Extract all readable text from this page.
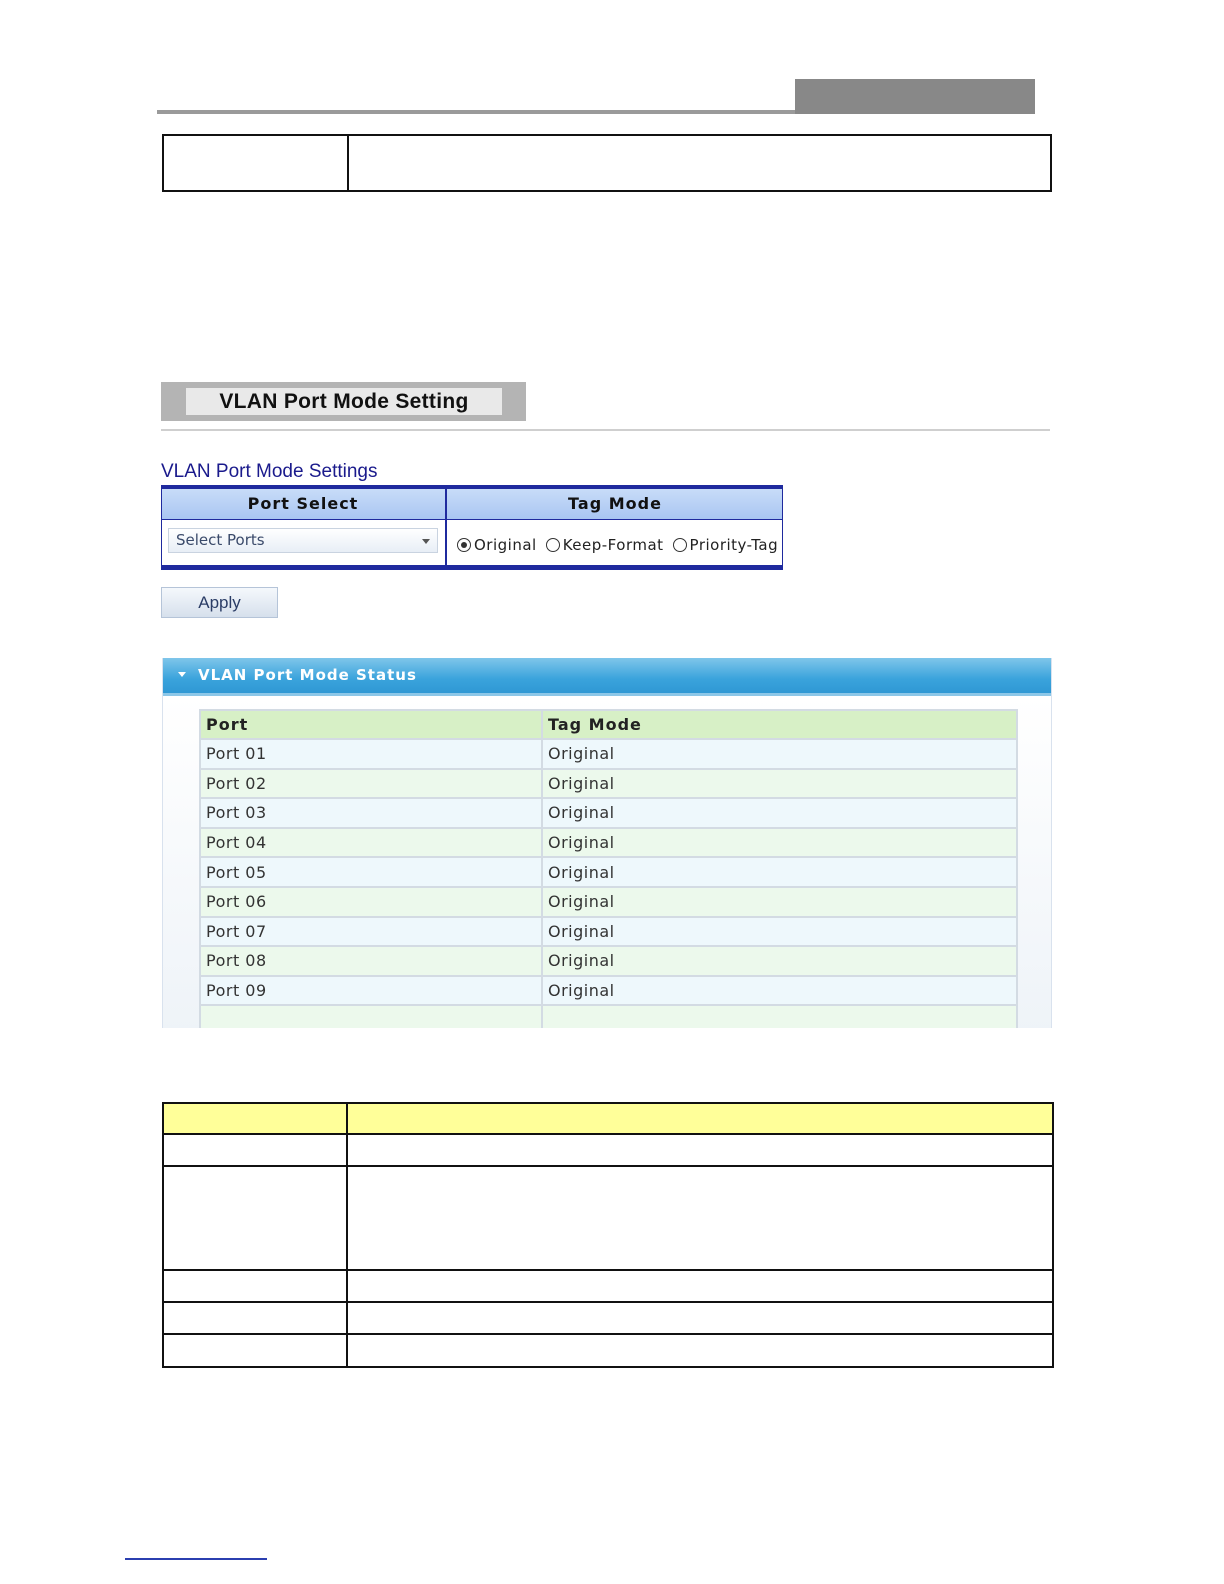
VLAN Port Mode Setting
VLAN Port Mode Settings
Port Select	Tag Mode
Select Ports	Original Keep-Format Priority-Tag
Apply
VLAN Port Mode Status
Port	Tag Mode
Port 01	Original
Port 02	Original
Port 03	Original
Port 04	Original
Port 05	Original
Port 06	Original
Port 07	Original
Port 08	Original
Port 09	Original
